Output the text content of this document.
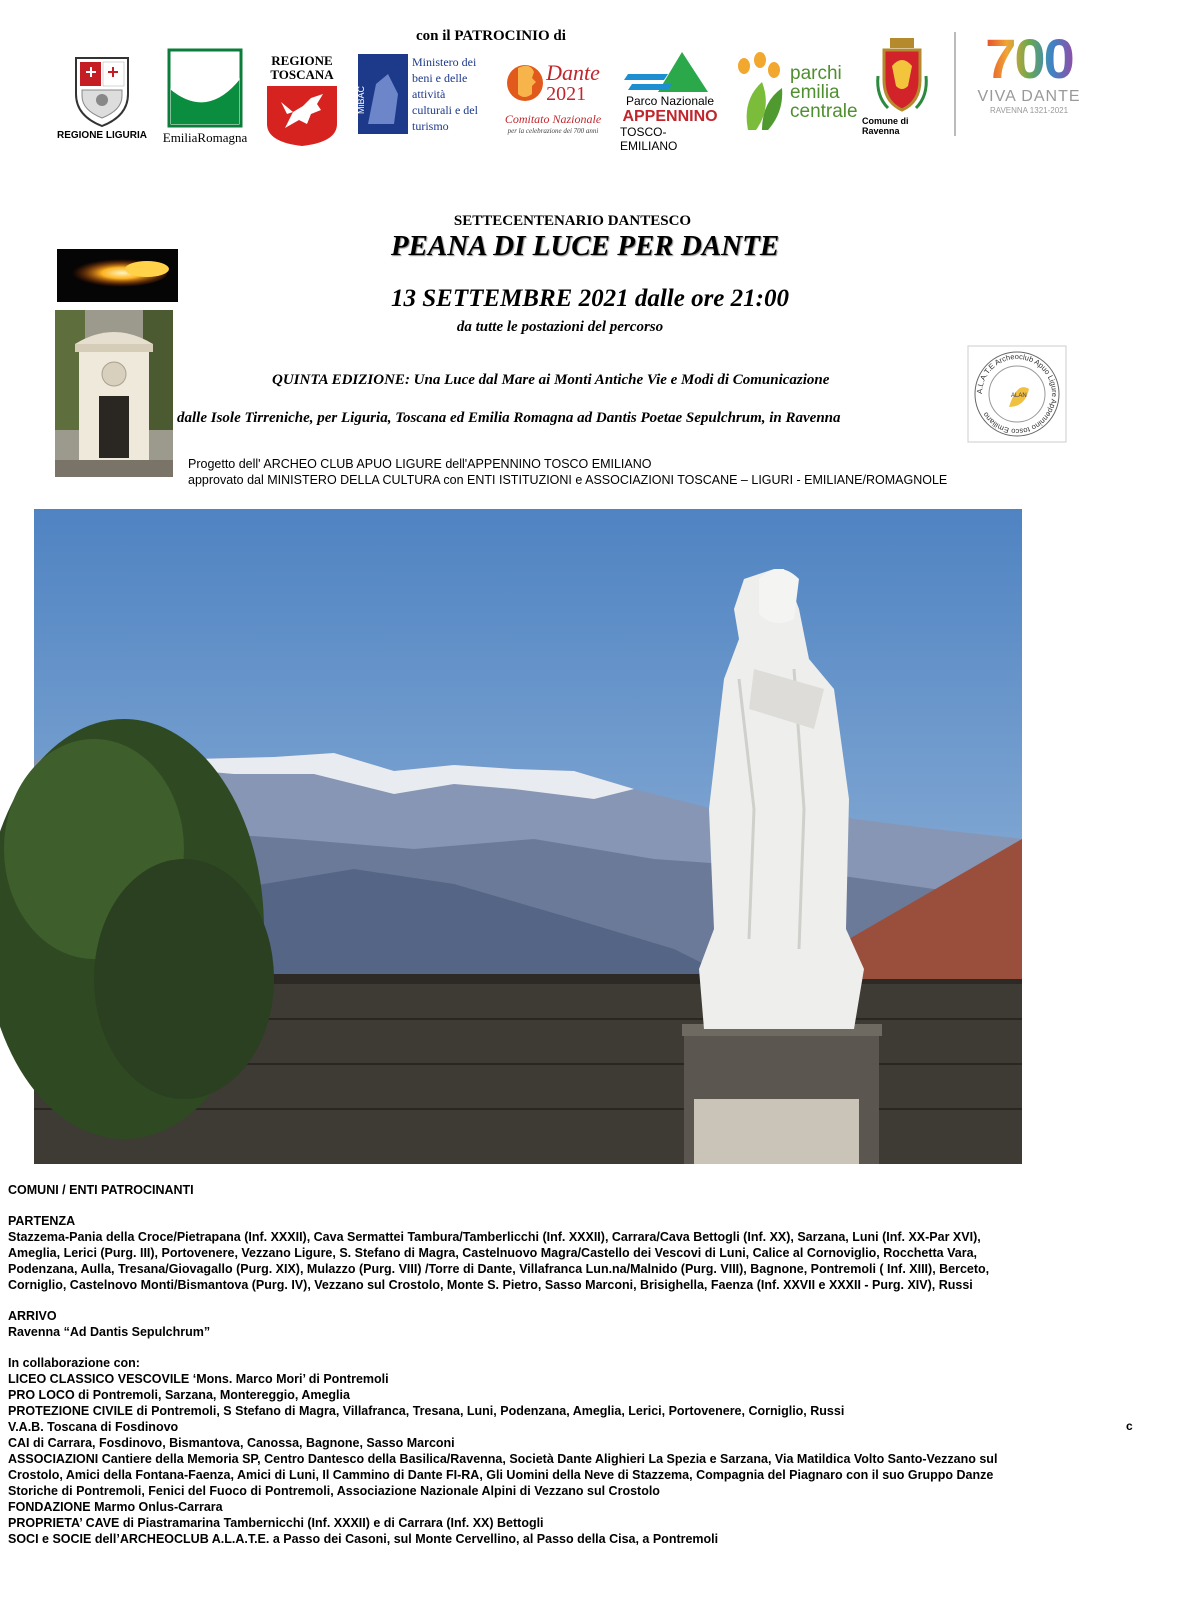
con il PATROCINIO di
REGIONE LIGURIA EmiliaRomagna
REGIONE TOSCANA
MiBAC
Ministero dei beni e delle attività culturali e del turismo
Dante
2021
Comitato Nazionale
per la celebrazione dei 700 anni
Parco Nazionale
APPENNINO
TOSCO-EMILIANO
parchi
emilia
centrale Comune di Ravenna
700
VIVA DANTE
RAVENNA 1321-2021
SETTECENTENARIO DANTESCO
PEANA DI LUCE PER DANTE
13 SETTEMBRE 2021 dalle ore 21:00
da tutte le postazioni del percorso
QUINTA EDIZIONE: Una Luce dal Mare ai Monti Antiche Vie e Modi di Comunicazione
dalle Isole Tirreniche, per Liguria, Toscana ed Emilia Romagna ad Dantis Poetae Sepulchrum, in Ravenna
A.L.A.T.E Archeoclub Apuo Ligure Appennino tosco Emiliano
ALAN
Progetto dell' ARCHEO CLUB APUO LIGURE dell'APPENNINO TOSCO EMILIANO
approvato dal MINISTERO DELLA CULTURA con ENTI ISTITUZIONI e ASSOCIAZIONI TOSCANE – LIGURI - EMILIANE/ROMAGNOLE
COMUNI / ENTI PATROCINANTI
PARTENZA
Stazzema-Pania della Croce/Pietrapana (Inf. XXXII), Cava Sermattei Tambura/Tamberlicchi (Inf. XXXII), Carrara/Cava Bettogli (Inf. XX), Sarzana, Luni (Inf. XX-Par XVI),
Ameglia, Lerici (Purg. III), Portovenere, Vezzano Ligure, S. Stefano di Magra, Castelnuovo Magra/Castello dei Vescovi di Luni, Calice al Cornoviglio, Rocchetta Vara,
Podenzana, Aulla, Tresana/Giovagallo (Purg. XIX), Mulazzo (Purg. VIII) /Torre di Dante, Villafranca Lun.na/Malnido (Purg. VIII), Bagnone, Pontremoli ( Inf. XIII), Berceto,
Corniglio, Castelnovo Monti/Bismantova (Purg. IV), Vezzano sul Crostolo, Monte S. Pietro, Sasso Marconi, Brisighella, Faenza (Inf. XXVII e XXXII - Purg. XIV), Russi
ARRIVO
Ravenna “Ad Dantis Sepulchrum”
In collaborazione con:
LICEO CLASSICO VESCOVILE ‘Mons. Marco Mori’ di Pontremoli
PRO LOCO di Pontremoli, Sarzana, Montereggio, Ameglia
PROTEZIONE CIVILE di Pontremoli, S Stefano di Magra, Villafranca, Tresana, Luni, Podenzana, Ameglia, Lerici, Portovenere, Corniglio, Russi
V.A.B. Toscana di Fosdinovo
CAI di Carrara, Fosdinovo, Bismantova, Canossa, Bagnone, Sasso Marconi
ASSOCIAZIONI Cantiere della Memoria SP, Centro Dantesco della Basilica/Ravenna, Società Dante Alighieri La Spezia e Sarzana, Via Matildica Volto Santo-Vezzano sul
Crostolo, Amici della Fontana-Faenza, Amici di Luni, Il Cammino di Dante FI-RA, Gli Uomini della Neve di Stazzema, Compagnia del Piagnaro con il suo Gruppo Danze
Storiche di Pontremoli, Fenici del Fuoco di Pontremoli, Associazione Nazionale Alpini di Vezzano sul Crostolo
FONDAZIONE Marmo Onlus-Carrara
PROPRIETA’ CAVE di Piastramarina Tambernicchi (Inf. XXXII) e di Carrara (Inf. XX) Bettogli
SOCI e SOCIE dell’ARCHEOCLUB A.L.A.T.E. a Passo dei Casoni, sul Monte Cervellino, al Passo della Cisa, a Pontremoli
c
